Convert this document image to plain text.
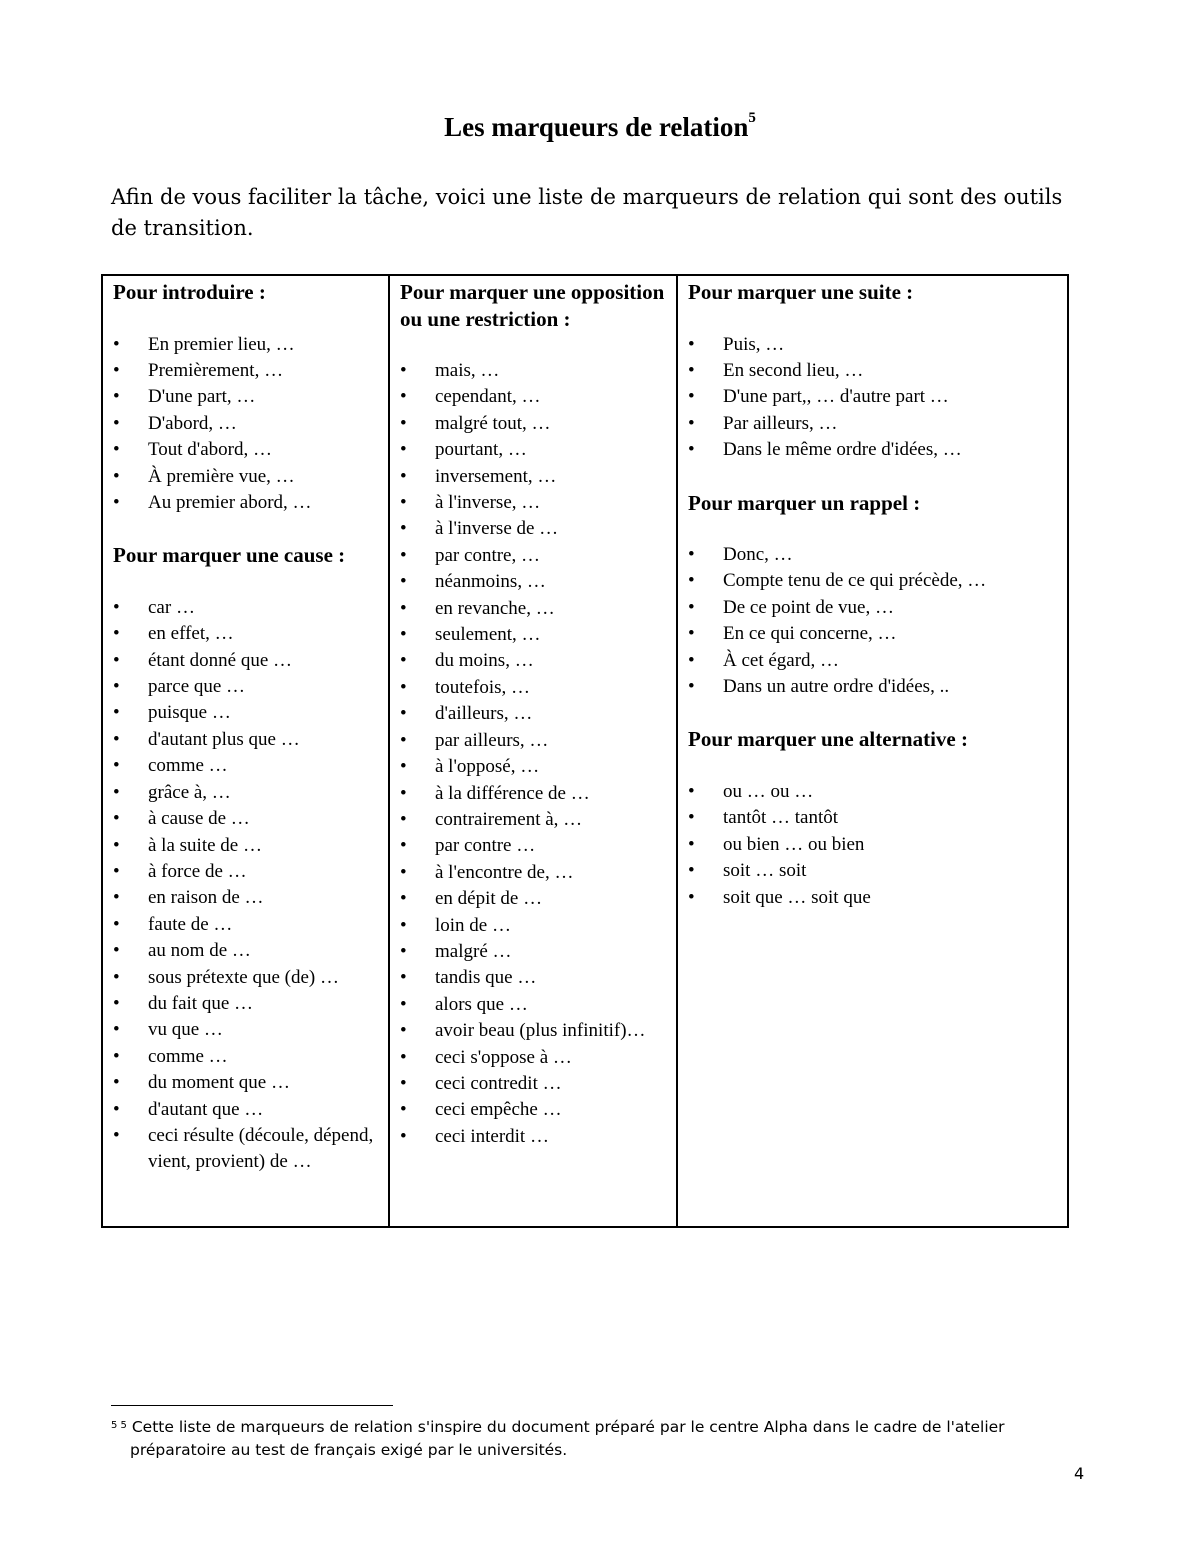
Les marqueurs de relation$^5$
Afin de vous faciliter la tâche, voici une liste de marqueurs de relation qui sont des outils de transition.

Pour introduire :

• En premier lieu, …
• Premièrement, …
• D'une part, …
• D'abord, …
• Tout d'abord, …
• À première vue, …
• Au premier abord, …

Pour marquer une cause :

• car …
• en effet, …
• étant donné que …
• parce que …
• puisque …
• d'autant plus que …
• comme …
• grâce à, …
• à cause de …
• à la suite de …
• à force de …
• en raison de …
• faute de …
• au nom de …
• sous prétexte que (de) …
• du fait que …
• vu que …
• comme …
• du moment que …
• d'autant que …
• ceci résulte (découle, dépend, vient, provient) de …

Pour marquer une opposition ou une restriction :

• mais, …
• cependant, …
• malgré tout, …
• pourtant, …
• inversement, …
• à l'inverse, …
• à l'inverse de …
• par contre, …
• néanmoins, …
• en revanche, …
• seulement, …
• du moins, …
• toutefois, …
• d'ailleurs, …
• par ailleurs, …
• à l'opposé, …
• à la différence de …
• contrairement à, …
• par contre …
• à l'encontre de, …
• en dépit de …
• loin de …
• malgré …
• tandis que …
• alors que …
• avoir beau (plus infinitif)…
• ceci s'oppose à …
• ceci contredit …
• ceci empêche …
• ceci interdit …

Pour marquer une suite :

• Puis, …
• En second lieu, …
• D'une part,, … d'autre part …
• Par ailleurs, …
• Dans le même ordre d'idées, …

Pour marquer un rappel :

• Donc, …
• Compte tenu de ce qui précède, …
• De ce point de vue, …
• En ce qui concerne, …
• À cet égard, …
• Dans un autre ordre d'idées, ..

Pour marquer une alternative :

• ou … ou …
• tantôt … tantôt
• ou bien … ou bien
• soit … soit
• soit que … soit que
$^{5 5}$ Cette liste de marqueurs de relation s'inspire du document préparé par le centre Alpha dans le cadre de l'atelier
préparatoire au test de français exigé par le universités.
4
